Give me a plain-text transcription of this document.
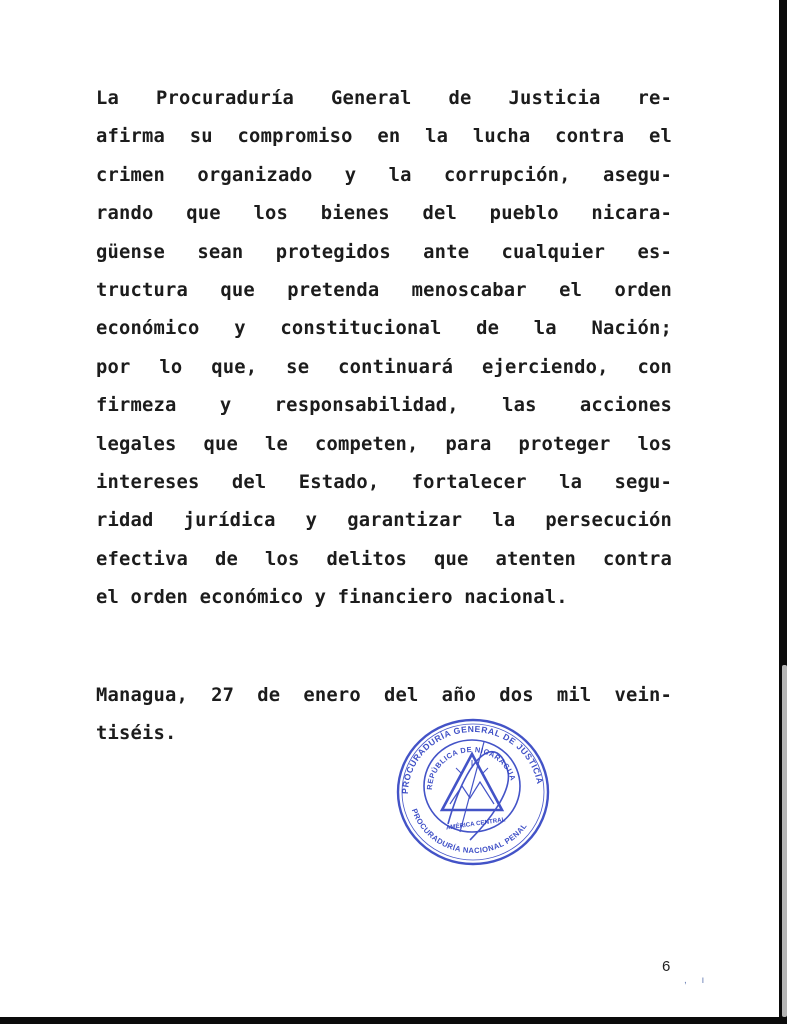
La Procuraduría General de Justicia re-
afirma su compromiso en la lucha contra el
crimen organizado y la corrupción, asegu-
rando que los bienes del pueblo nicara-
güense sean protegidos ante cualquier es-
tructura que pretenda menoscabar el orden
económico y constitucional de la Nación;
por lo que, se continuará ejerciendo, con
firmeza y responsabilidad, las acciones
legales que le competen, para proteger los
intereses del Estado, fortalecer la segu-
ridad jurídica y garantizar la persecución
efectiva de los delitos que atenten contra
el orden económico y financiero nacional.
Managua, 27 de enero del año dos mil vein-
tiséis.
PROCURADURÍA GENERAL DE JUSTICIA
REPÚBLICA DE NICARAGUA
AMÉRICA CENTRAL
PROCURADURÍA NACIONAL PENAL
6
, ı
